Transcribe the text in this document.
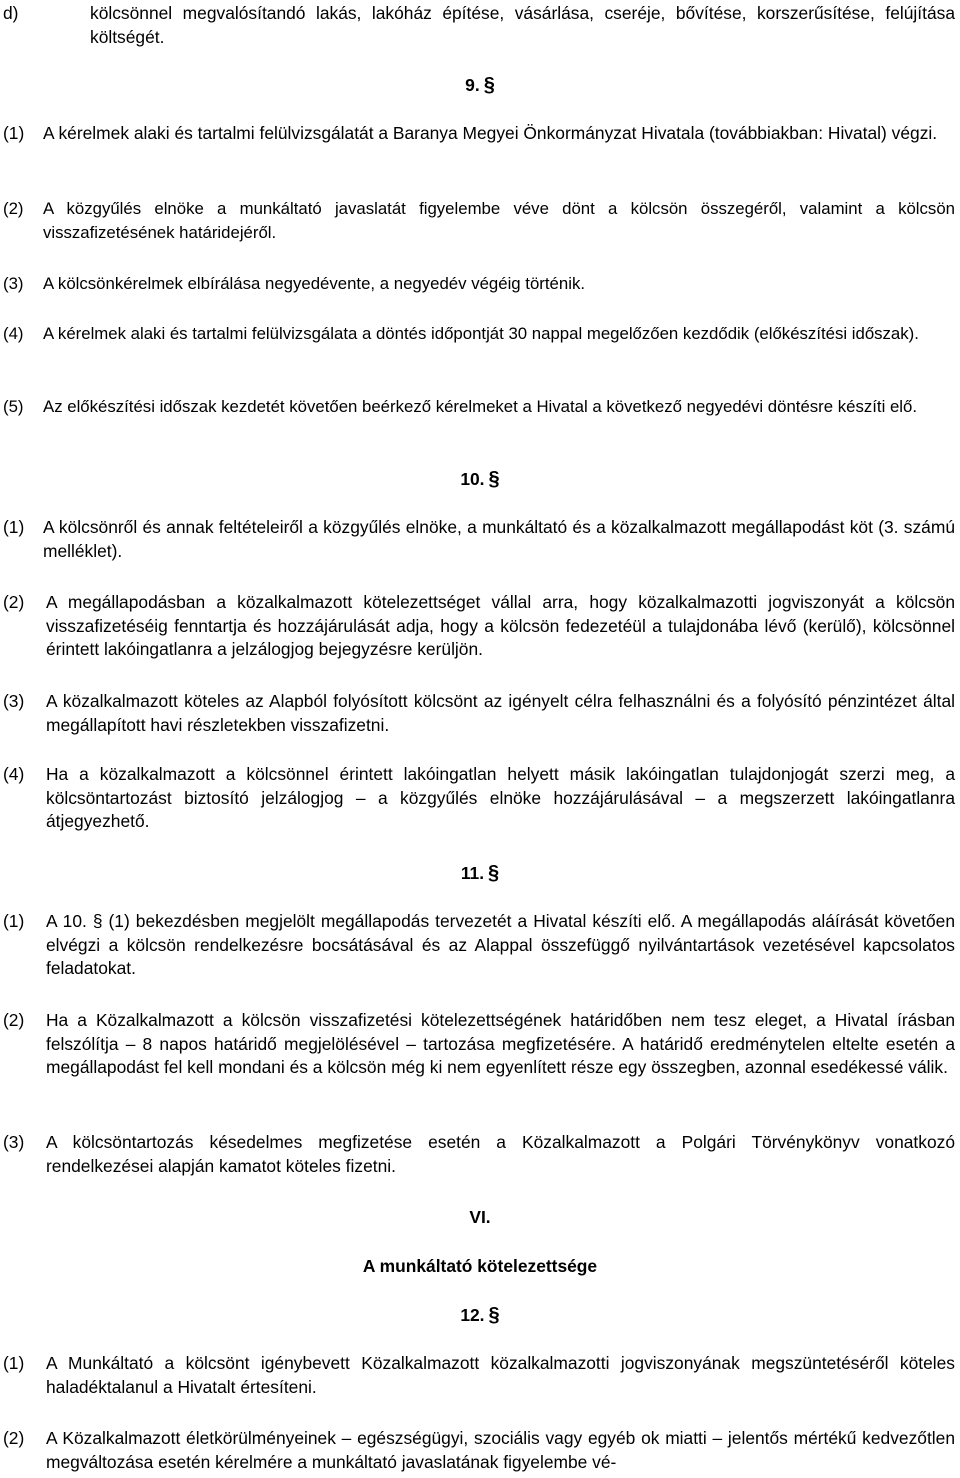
d)	kölcsönnel megvalósítandó lakás, lakóház építése, vásárlása, cseréje, bővítése, korszerűsítése, felújítása költségét.
9. §
(1) A kérelmek alaki és tartalmi felülvizsgálatát a Baranya Megyei Önkormányzat Hivatala (továbbiakban: Hivatal) végzi.
(2) A közgyűlés elnöke a munkáltató javaslatát figyelembe véve dönt a kölcsön összegéről, valamint a kölcsön visszafizetésének határidejéről.
(3) A kölcsönkérelmek elbírálása negyedévente, a negyedév végéig történik.
(4) A kérelmek alaki és tartalmi felülvizsgálata a döntés időpontját 30 nappal megelőzően kezdődik (előkészítési időszak).
(5) Az előkészítési időszak kezdetét követően beérkező kérelmeket a Hivatal a következő negyedévi döntésre készíti elő.
10. §
(1) A kölcsönről és annak feltételeiről a közgyűlés elnöke, a munkáltató és a közalkalmazott megállapodást köt (3. számú melléklet).
(2) A megállapodásban a közalkalmazott kötelezettséget vállal arra, hogy közalkalmazotti jogviszonyát a kölcsön visszafizetéséig fenntartja és hozzájárulását adja, hogy a kölcsön fedezetéül a tulajdonába lévő (kerülő), kölcsönnel érintett lakóingatlanra a jelzálogjog bejegyzésre kerüljön.
(3) A közalkalmazott köteles az Alapból folyósított kölcsönt az igényelt célra felhasználni és a folyósító pénzintézet által megállapított havi részletekben visszafizetni.
(4) Ha a közalkalmazott a kölcsönnel érintett lakóingatlan helyett másik lakóingatlan tulajdonjogát szerzi meg, a kölcsöntartozást biztosító jelzálogjog – a közgyűlés elnöke hozzájárulásával – a megszerzett lakóingatlanra átjegyezhető.
11. §
(1) A 10. § (1) bekezdésben megjelölt megállapodás tervezetét a Hivatal készíti elő. A megállapodás aláírását követően elvégzi a kölcsön rendelkezésre bocsátásával és az Alappal összefüggő nyilvántartások vezetésével kapcsolatos feladatokat.
(2) Ha a Közalkalmazott a kölcsön visszafizetési kötelezettségének határidőben nem tesz eleget, a Hivatal írásban felszólítja – 8 napos határidő megjelölésével – tartozása megfizetésére. A határidő eredménytelen eltelte esetén a megállapodást fel kell mondani és a kölcsön még ki nem egyenlített része egy összegben, azonnal esedékessé válik.
(3) A kölcsöntartozás késedelmes megfizetése esetén a Közalkalmazott a Polgári Törvénykönyv vonatkozó rendelkezései alapján kamatot köteles fizetni.
VI.
A munkáltató kötelezettsége
12. §
(1) A Munkáltató a kölcsönt igénybevett Közalkalmazott közalkalmazotti jogviszonyának megszüntetéséről köteles haladéktalanul a Hivatalt értesíteni.
(2) A Közalkalmazott életkörülményeinek – egészségügyi, szociális vagy egyéb ok miatti – jelentős mértékű kedvezőtlen megváltozása esetén kérelmére a munkáltató javaslatának figyelembe vé-
